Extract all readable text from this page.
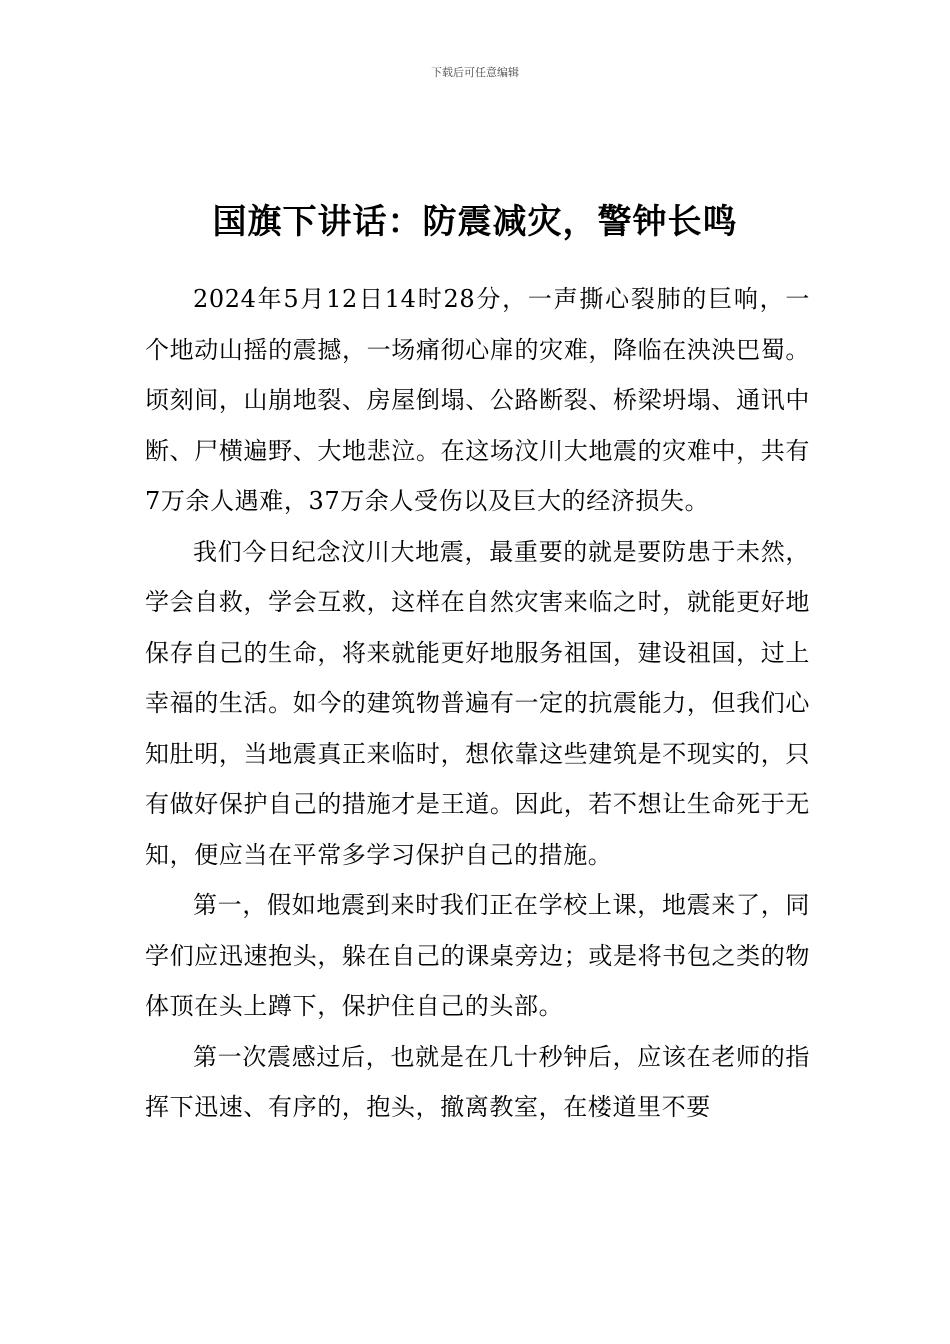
下载后可任意编辑
国旗下讲话：防震减灾，警钟长鸣

2024年5月12日14时28分，一声撕心裂肺的巨响，一个地动山摇的震撼，一场痛彻心扉的灾难，降临在泱泱巴蜀。顷刻间，山崩地裂、房屋倒塌、公路断裂、桥梁坍塌、通讯中断、尸横遍野、大地悲泣。在这场汶川大地震的灾难中，共有7万余人遇难，37万余人受伤以及巨大的经济损失。

我们今日纪念汶川大地震，最重要的就是要防患于未然，学会自救，学会互救，这样在自然灾害来临之时，就能更好地保存自己的生命，将来就能更好地服务祖国，建设祖国，过上幸福的生活。如今的建筑物普遍有一定的抗震能力，但我们心知肚明，当地震真正来临时，想依靠这些建筑是不现实的，只有做好保护自己的措施才是王道。因此，若不想让生命死于无知，便应当在平常多学习保护自己的措施。

第一，假如地震到来时我们正在学校上课，地震来了，同学们应迅速抱头，躲在自己的课桌旁边；或是将书包之类的物体顶在头上蹲下，保护住自己的头部。

第一次震感过后，也就是在几十秒钟后，应该在老师的指挥下迅速、有序的，抱头，撤离教室，在楼道里不要
